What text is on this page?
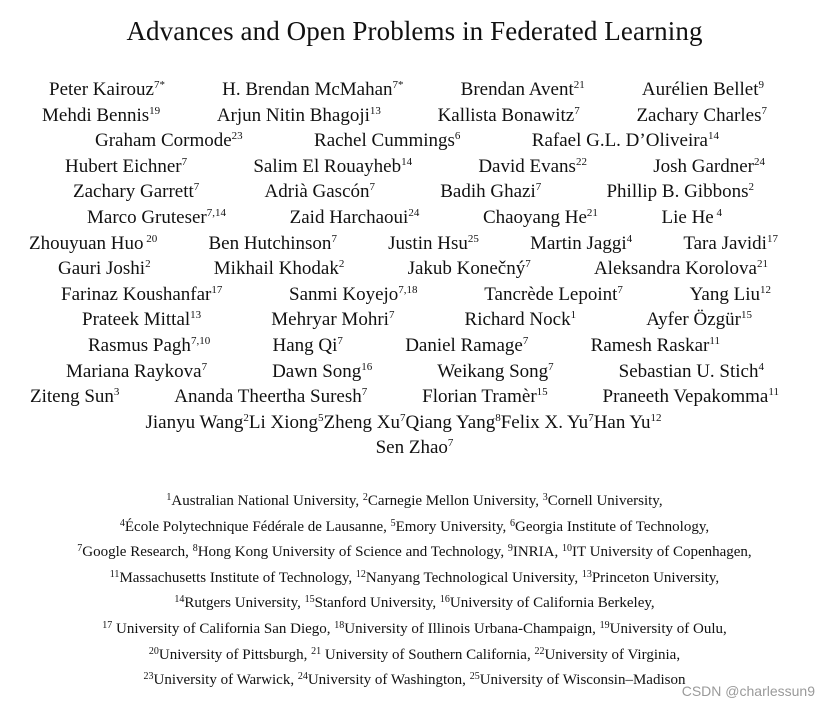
Advances and Open Problems in Federated Learning
Peter Kairouz$^{7*}$	H. Brendan McMahan$^{7*}$	Brendan Avent$^{21}$	Aurélien Bellet$^9$
Mehdi Bennis$^{19}$	Arjun Nitin Bhagoji$^{13}$	Kallista Bonawitz$^7$	Zachary Charles$^7$
Graham Cormode$^{23}$	Rachel Cummings$^6$	Rafael G.L. D’Oliveira$^{14}$
Hubert Eichner$^7$	Salim El Rouayheb$^{14}$	David Evans$^{22}$	Josh Gardner$^{24}$
Zachary Garrett$^7$	Adrià Gascón$^7$	Badih Ghazi$^7$	Phillip B. Gibbons$^2$
Marco Gruteser$^{7,14}$	Zaid Harchaoui$^{24}$	Chaoyang He$^{21}$	Lie He $^4$
Zhouyuan Huo $^{20}$	Ben Hutchinson$^7$	Justin Hsu$^{25}$	Martin Jaggi$^4$	Tara Javidi$^{17}$
Gauri Joshi$^2$	Mikhail Khodak$^2$	Jakub Konečný$^7$	Aleksandra Korolova$^{21}$
Farinaz Koushanfar$^{17}$	Sanmi Koyejo$^{7,18}$	Tancrède Lepoint$^7$	Yang Liu$^{12}$
Prateek Mittal$^{13}$	Mehryar Mohri$^7$	Richard Nock$^1$	Ayfer Özgür$^{15}$
Rasmus Pagh$^{7,10}$	Hang Qi$^7$	Daniel Ramage$^7$	Ramesh Raskar$^{11}$
Mariana Raykova$^7$	Dawn Song$^{16}$	Weikang Song$^7$	Sebastian U. Stich$^4$
Ziteng Sun$^3$	Ananda Theertha Suresh$^7$	Florian Tramèr$^{15}$	Praneeth Vepakomma$^{11}$
Jianyu Wang$^2$ Li Xiong$^5$ Zheng Xu$^7$ Qiang Yang$^8$ Felix X. Yu$^7$ Han Yu$^{12}$
Sen Zhao$^7$
$^1$Australian National University, $^2$Carnegie Mellon University, $^3$Cornell University,
$^4$École Polytechnique Fédérale de Lausanne, $^5$Emory University, $^6$Georgia Institute of Technology,
$^7$Google Research, $^8$Hong Kong University of Science and Technology, $^9$INRIA, $^{10}$IT University of Copenhagen,
$^{11}$Massachusetts Institute of Technology, $^{12}$Nanyang Technological University, $^{13}$Princeton University,
$^{14}$Rutgers University, $^{15}$Stanford University, $^{16}$University of California Berkeley,
$^{17}$ University of California San Diego, $^{18}$University of Illinois Urbana-Champaign, $^{19}$University of Oulu,
$^{20}$University of Pittsburgh, $^{21}$ University of Southern California, $^{22}$University of Virginia,
$^{23}$University of Warwick, $^{24}$University of Washington, $^{25}$University of Wisconsin–Madison
CSDN @charlessun9
